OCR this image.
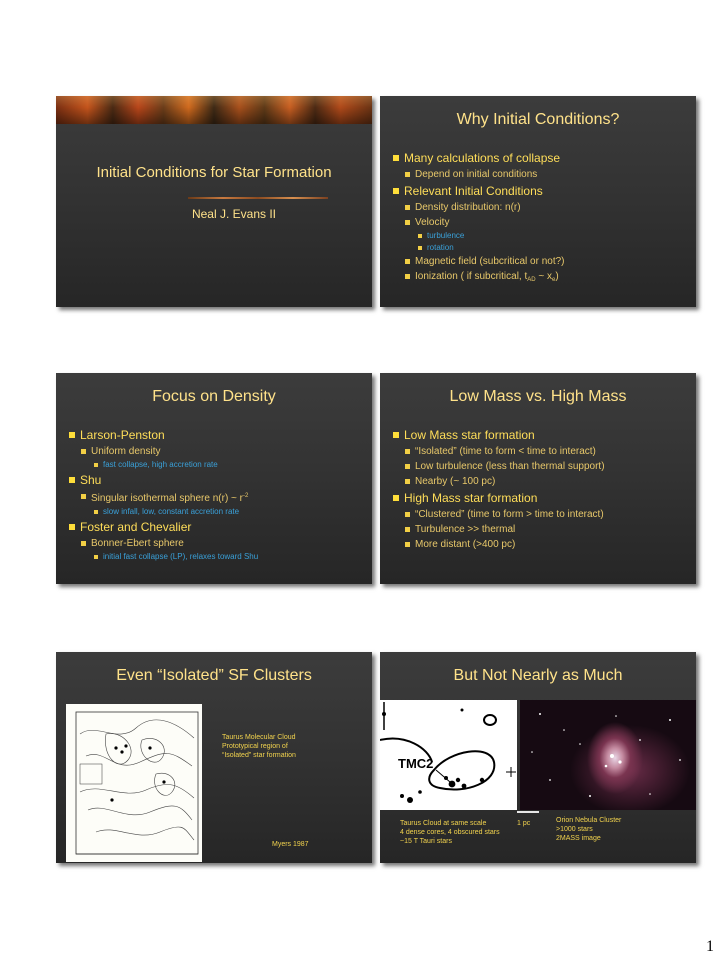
Initial Conditions for Star Formation
Neal J. Evans II
Why Initial Conditions?
Many calculations of collapse
Depend on initial conditions
Relevant Initial Conditions
Density distribution: n(r)
Velocity
turbulence
rotation
Magnetic field (subcritical or not?)
Ionization ( if subcritical, $t_{AD}$ ~ $x_e$)
Focus on Density
Larson-Penston
Uniform density
fast collapse, high accretion rate
Shu
Singular isothermal sphere n(r) ~ $r^{-2}$
slow infall, low, constant accretion rate
Foster and Chevalier
Bonner-Ebert sphere
initial fast collapse (LP), relaxes toward Shu
Low Mass vs. High Mass
Low Mass star formation
“Isolated” (time to form < time to interact)
Low turbulence (less than thermal support)
Nearby (~ 100 pc)
High Mass star formation
“Clustered” (time to form > time to interact)
Turbulence >> thermal
More distant (>400 pc)
Even “Isolated” SF Clusters
Taurus Molecular Cloud
Prototypical region of
“Isolated” star formation
Myers 1987
But Not Nearly as Much
TMC2
Taurus Cloud at same scale
4 dense cores, 4 obscured stars
~15 T Tauri stars
1 pc	Orion Nebula Cluster
>1000 stars
2MASS image
1
